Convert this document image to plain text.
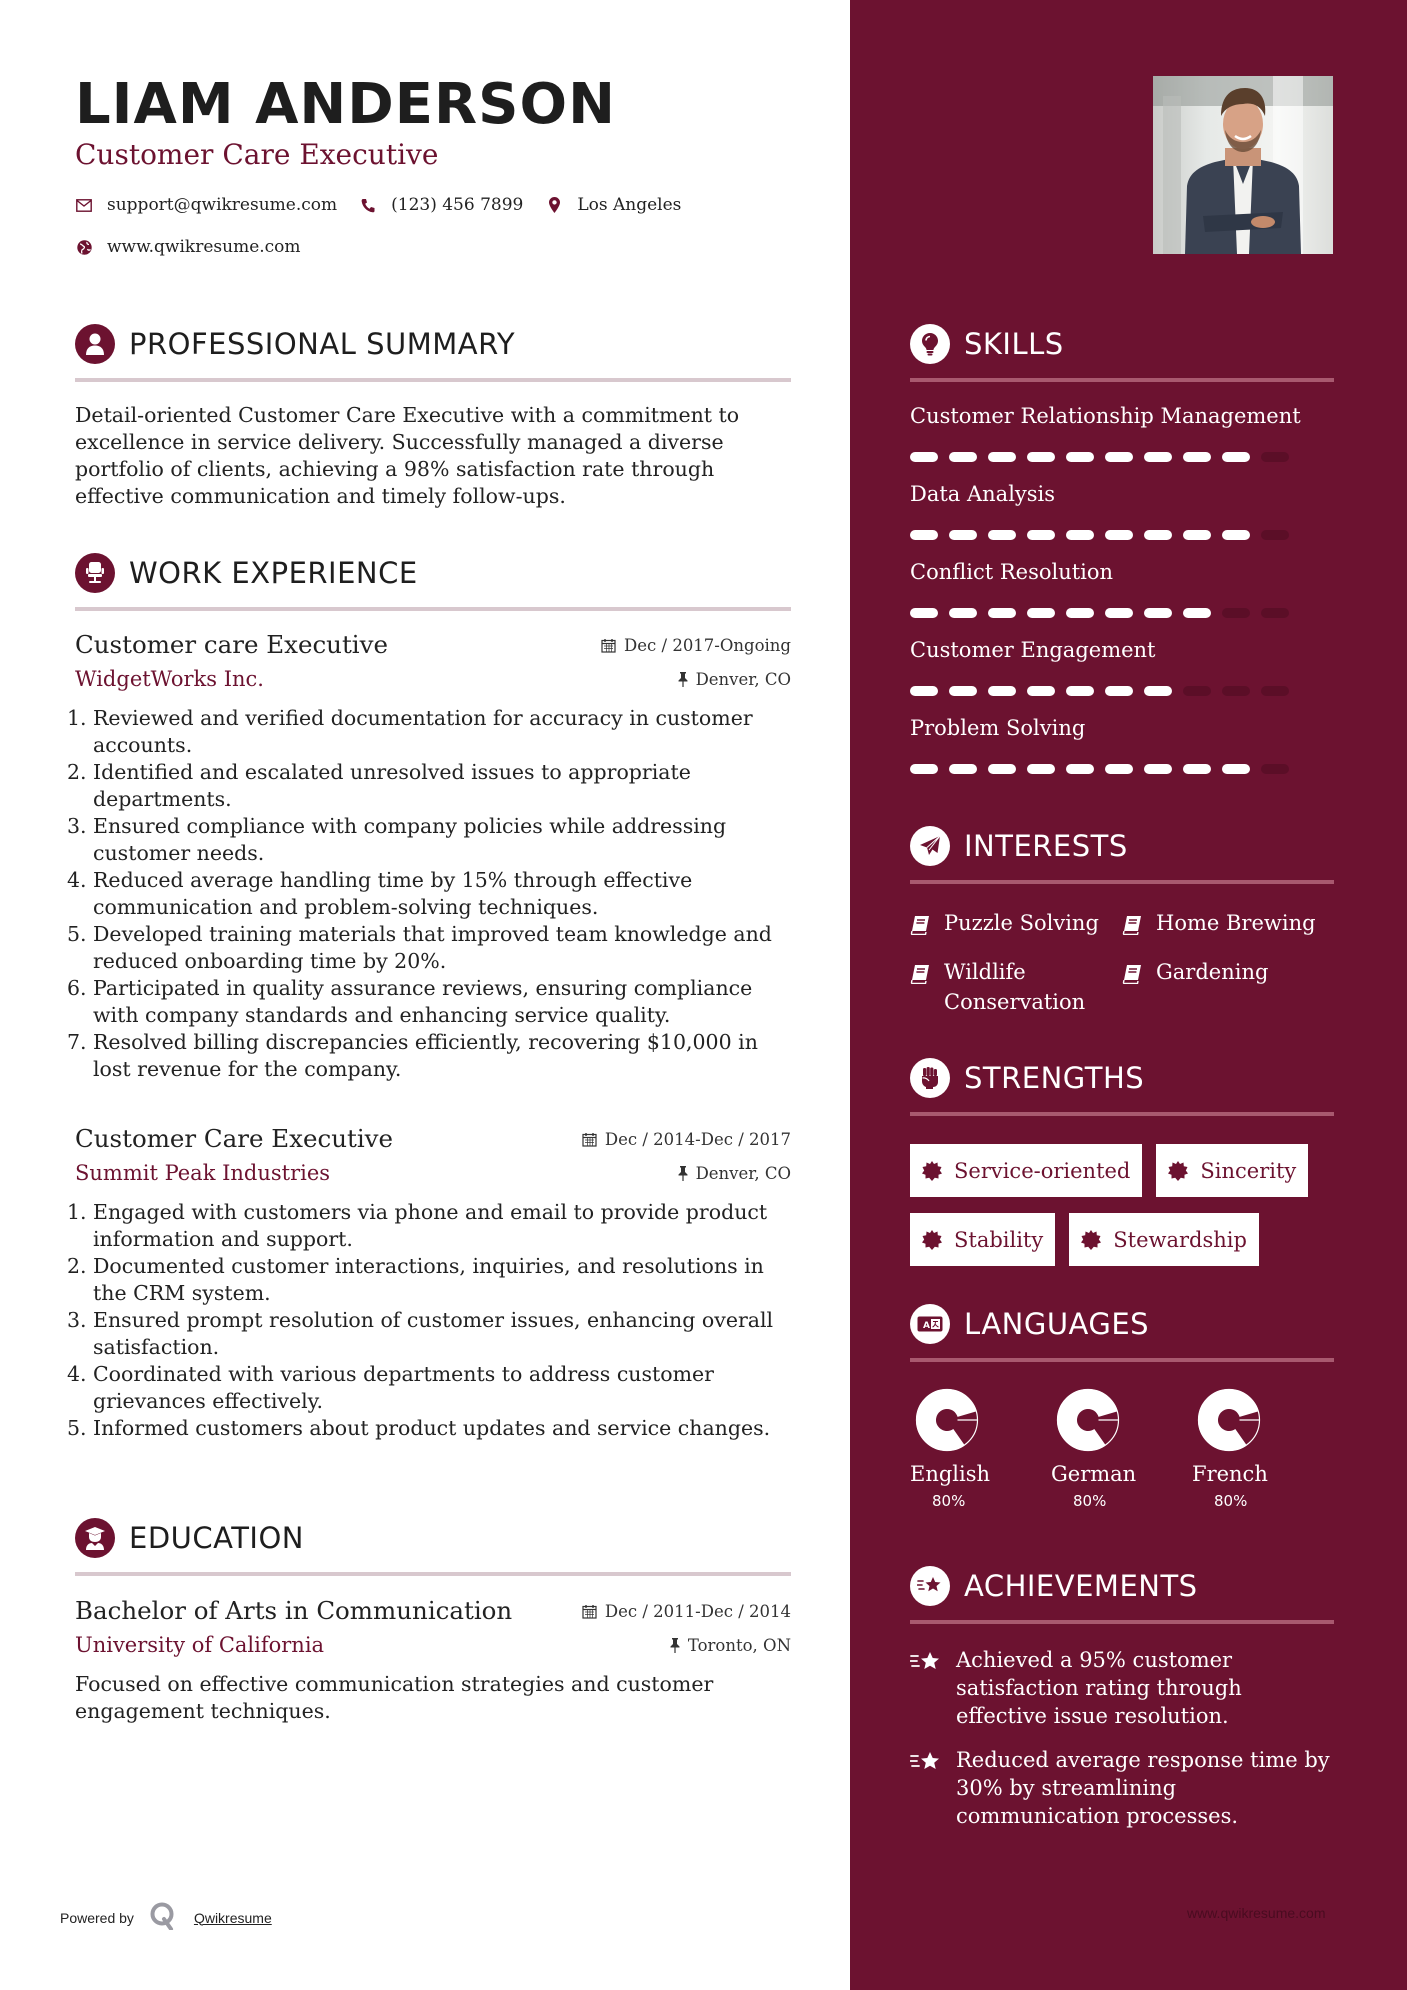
LIAM ANDERSON
Customer Care Executive
support@qwikresume.com	(123) 456 7899	Los Angeles
www.qwikresume.com
PROFESSIONAL SUMMARY
Detail-oriented Customer Care Executive with a commitment to excellence in service delivery. Successfully managed a diverse portfolio of clients, achieving a 98% satisfaction rate through effective communication and timely follow-ups.
WORK EXPERIENCE
Customer care Executive	Dec / 2017-Ongoing
WidgetWorks Inc.	Denver, CO
Reviewed and verified documentation for accuracy in customer accounts.
Identified and escalated unresolved issues to appropriate departments.
Ensured compliance with company policies while addressing customer needs.
Reduced average handling time by 15% through effective communication and problem-solving techniques.
Developed training materials that improved team knowledge and reduced onboarding time by 20%.
Participated in quality assurance reviews, ensuring compliance with company standards and enhancing service quality.
Resolved billing discrepancies efficiently, recovering $10,000 in lost revenue for the company.
Customer Care Executive	Dec / 2014-Dec / 2017
Summit Peak Industries	Denver, CO
Engaged with customers via phone and email to provide product information and support.
Documented customer interactions, inquiries, and resolutions in the CRM system.
Ensured prompt resolution of customer issues, enhancing overall satisfaction.
Coordinated with various departments to address customer grievances effectively.
Informed customers about product updates and service changes.
EDUCATION
Bachelor of Arts in Communication	Dec / 2011-Dec / 2014
University of California	Toronto, ON
Focused on effective communication strategies and customer engagement techniques.
Powered by	Qwikresume
SKILLS
Customer Relationship Management
Data Analysis
Conflict Resolution
Customer Engagement
Problem Solving
INTERESTS
Puzzle Solving	Home Brewing
Wildlife Conservation
Gardening
STRENGTHS
Service-oriented	Sincerity
Stability	Stewardship
A LANGUAGES
English
80%
German
80%
French
80%
ACHIEVEMENTS
Achieved a 95% customer satisfaction rating through effective issue resolution.
Reduced average response time by 30% by streamlining communication processes.
www.qwikresume.com
